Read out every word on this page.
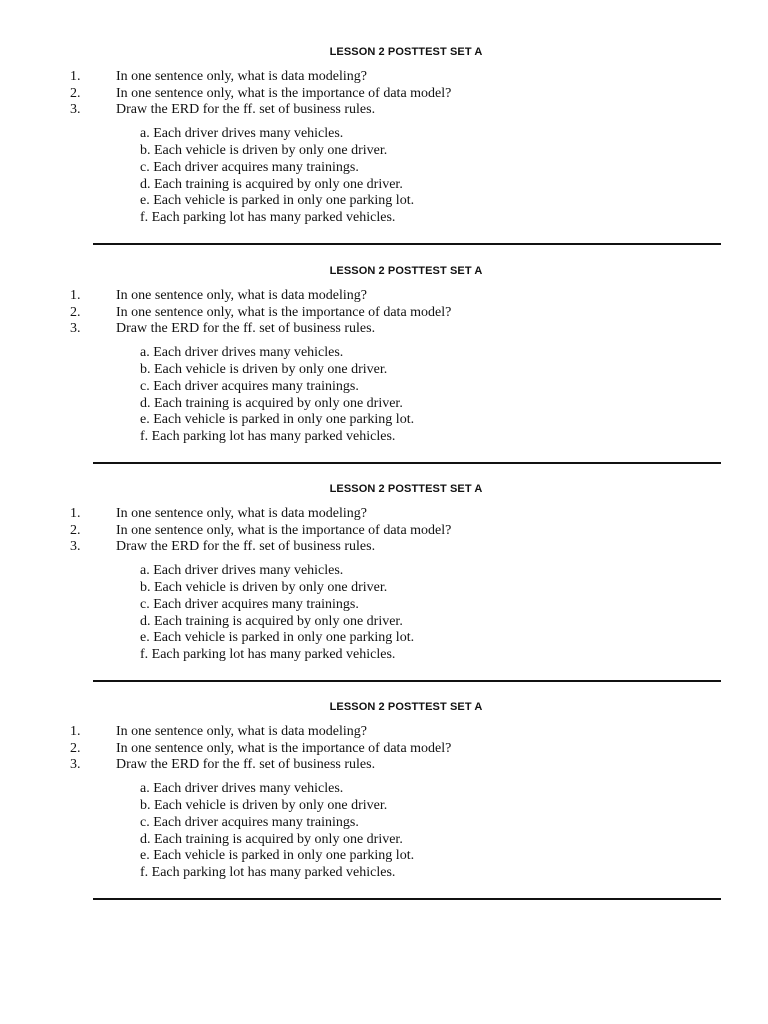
LESSON 2 POSTTEST SET A
1.	In one sentence only, what is data modeling?
2.	In one sentence only, what is the importance of data model?
3.	Draw the ERD for the ff. set of business rules.
a. Each driver drives many vehicles.
b. Each vehicle is driven by only one driver.
c. Each driver acquires many trainings.
d. Each training is acquired by only one driver.
e. Each vehicle is parked in only one parking lot.
f. Each parking lot has many parked vehicles.
LESSON 2 POSTTEST SET A
1.	In one sentence only, what is data modeling?
2.	In one sentence only, what is the importance of data model?
3.	Draw the ERD for the ff. set of business rules.
a. Each driver drives many vehicles.
b. Each vehicle is driven by only one driver.
c. Each driver acquires many trainings.
d. Each training is acquired by only one driver.
e. Each vehicle is parked in only one parking lot.
f. Each parking lot has many parked vehicles.
LESSON 2 POSTTEST SET A
1.	In one sentence only, what is data modeling?
2.	In one sentence only, what is the importance of data model?
3.	Draw the ERD for the ff. set of business rules.
a. Each driver drives many vehicles.
b. Each vehicle is driven by only one driver.
c. Each driver acquires many trainings.
d. Each training is acquired by only one driver.
e. Each vehicle is parked in only one parking lot.
f. Each parking lot has many parked vehicles.
LESSON 2 POSTTEST SET A
1.	In one sentence only, what is data modeling?
2.	In one sentence only, what is the importance of data model?
3.	Draw the ERD for the ff. set of business rules.
a. Each driver drives many vehicles.
b. Each vehicle is driven by only one driver.
c. Each driver acquires many trainings.
d. Each training is acquired by only one driver.
e. Each vehicle is parked in only one parking lot.
f. Each parking lot has many parked vehicles.
